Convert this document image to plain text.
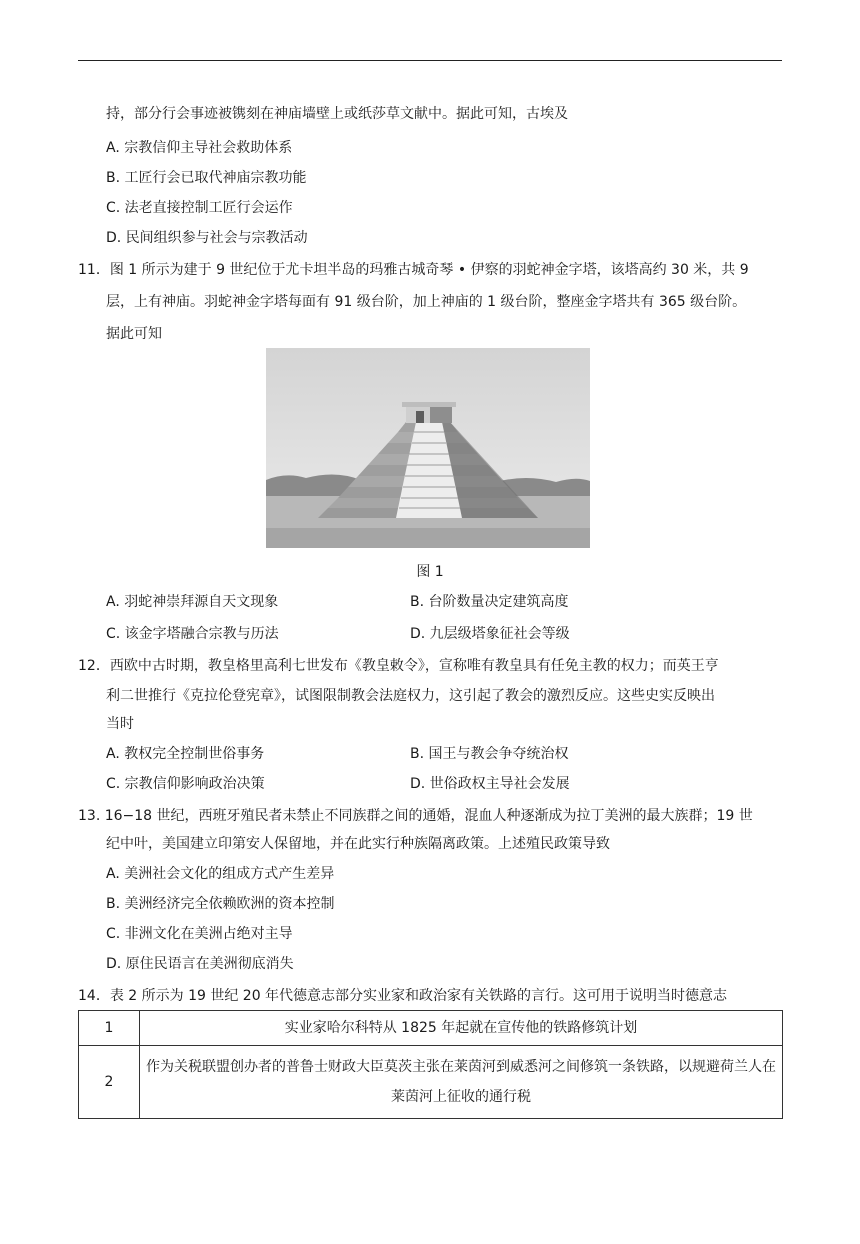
持，部分行会事迹被镌刻在神庙墙壁上或纸莎草文献中。据此可知，古埃及
A. 宗教信仰主导社会救助体系
B. 工匠行会已取代神庙宗教功能
C. 法老直接控制工匠行会运作
D. 民间组织参与社会与宗教活动
11．图 1 所示为建于 9 世纪位于尤卡坦半岛的玛雅古城奇琴 • 伊察的羽蛇神金字塔，该塔高约 30 米，共 9
层，上有神庙。羽蛇神金字塔每面有 91 级台阶，加上神庙的 1 级台阶，整座金字塔共有 365 级台阶。
据此可知
图 1
A. 羽蛇神崇拜源自天文现象	B. 台阶数量决定建筑高度
C. 该金字塔融合宗教与历法	D. 九层级塔象征社会等级
12．西欧中古时期，教皇格里高利七世发布《教皇敕令》，宣称唯有教皇具有任免主教的权力；而英王亨
利二世推行《克拉伦登宪章》，试图限制教会法庭权力，这引起了教会的激烈反应。这些史实反映出
当时
A. 教权完全控制世俗事务	B. 国王与教会争夺统治权
C. 宗教信仰影响政治决策	D. 世俗政权主导社会发展
13. 16−18 世纪，西班牙殖民者未禁止不同族群之间的通婚，混血人种逐渐成为拉丁美洲的最大族群；19 世
纪中叶，美国建立印第安人保留地，并在此实行种族隔离政策。上述殖民政策导致
A. 美洲社会文化的组成方式产生差异
B. 美洲经济完全依赖欧洲的资本控制
C. 非洲文化在美洲占绝对主导
D. 原住民语言在美洲彻底消失
14．表 2 所示为 19 世纪 20 年代德意志部分实业家和政治家有关铁路的言行。这可用于说明当时德意志
1	实业家哈尔科特从 1825 年起就在宣传他的铁路修筑计划
2	作为关税联盟创办者的普鲁士财政大臣莫茨主张在莱茵河到威悉河之间修筑一条铁路，以规避荷兰人在莱茵河上征收的通行税
